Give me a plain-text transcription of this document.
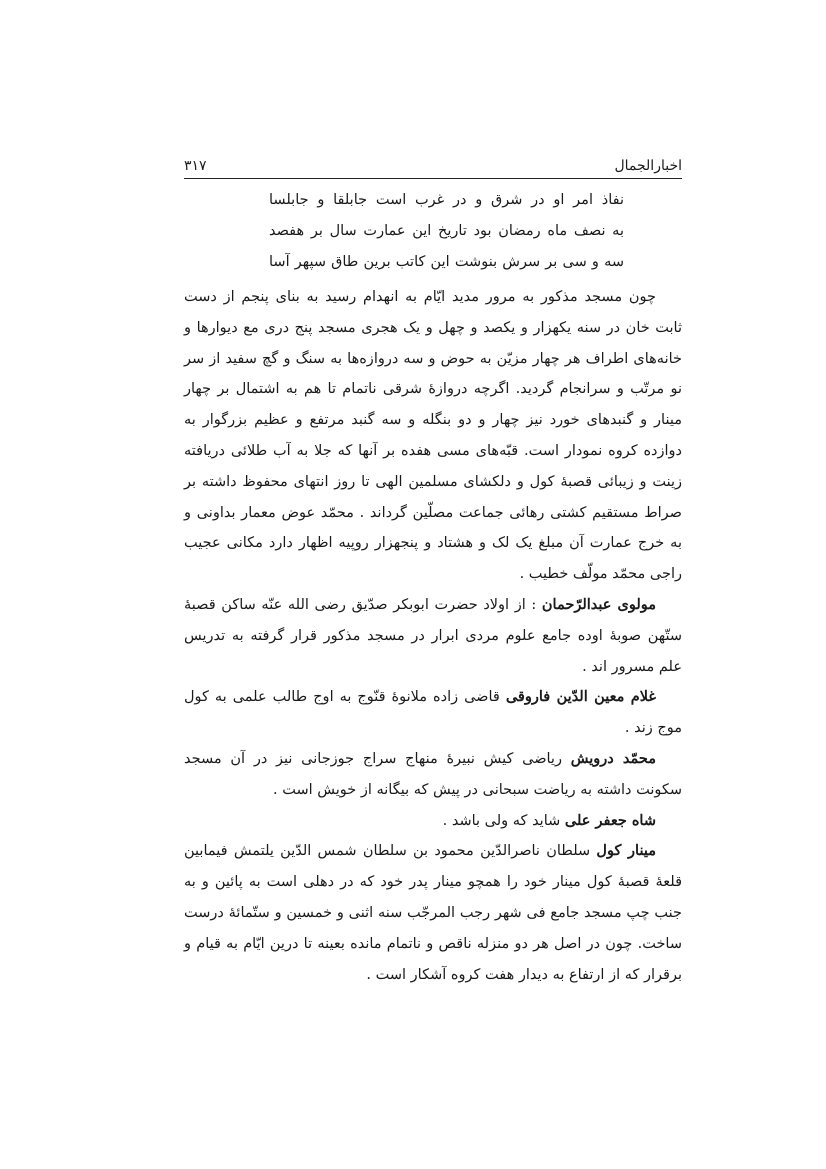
اخبارالجمال
۳۱۷
نفاذ امر او در شرق و در غرب است جابلقا و جابلسا
به نصف ماه رمضان بود تاریخ این عمارت سال بر هفصد
سه و سی بر سرش بنوشت این کاتب برین طاق سپهر آسا

چون مسجد مذکور به مرور مدید ایّام به انهدام رسید به بنای پنجم از دست ثابت خان در سنه یکهزار و یکصد و چهل و یک هجری مسجد پنج دری مع دیوارها و خانه‌های اطراف هر چهار مزیّن به حوض و سه دروازه‌ها به سنگ و گچ سفید از سر نو مرتّب و سرانجام گردید. اگرچه دروازهٔ شرقی ناتمام تا هم به اشتمال بر چهار مینار و گنبدهای خورد نیز چهار و دو بنگله و سه گنبد مرتفع و عظیم بزرگوار به دوازده کروه نمودار است. قبّه‌های مسی هفده بر آنها که جلا به آب طلائی دریافته زینت و زیبائی قصبهٔ کول و دلکشای مسلمین الهی تا روز انتهای محفوظ داشته بر صراط مستقیم کشتی رهائی جماعت مصلّین گرداند . محمّد عوض معمار بداونی و به خرج عمارت آن مبلغ یک لک و هشتاد و پنجهزار روپیه اظهار دارد مکانی عجیب راجی محمّد مولّف خطیب .

مولوی عبدالرّحمان : از اولاد حضرت ابوبکر صدّیق رضی الله عنّه ساکن قصبهٔ ستّهن صوبهٔ اوده جامع علوم مردی ابرار در مسجد مذکور قرار گرفته به تدریس علم مسرور اند .

غلام معین الدّین فاروقی قاضی زاده ملانوهٔ قنّوج به اوج طالب علمی به کول موج زند .

محمّد درویش ریاضی کیش نبیرهٔ منهاج سراج جوزجانی نیز در آن مسجد سکونت داشته به ریاضت سبحانی در پیش که بیگانه از خویش است .

شاه جعفر علی شاید که ولی باشد .

مینار کول سلطان ناصرالدّین محمود بن سلطان شمس الدّین یلتمش فیمابین قلعهٔ قصبهٔ کول مینار خود را همچو مینار پدر خود که در دهلی است به پائین و به جنب چپ مسجد جامع فی شهر رجب المرجّب سنه اثنی و خمسین و ستّمائهٔ درست ساخت. چون در اصل هر دو منزله ناقص و ناتمام مانده بعینه تا درین ایّام به قیام و برقرار که از ارتفاع به دیدار هفت کروه آشکار است .
